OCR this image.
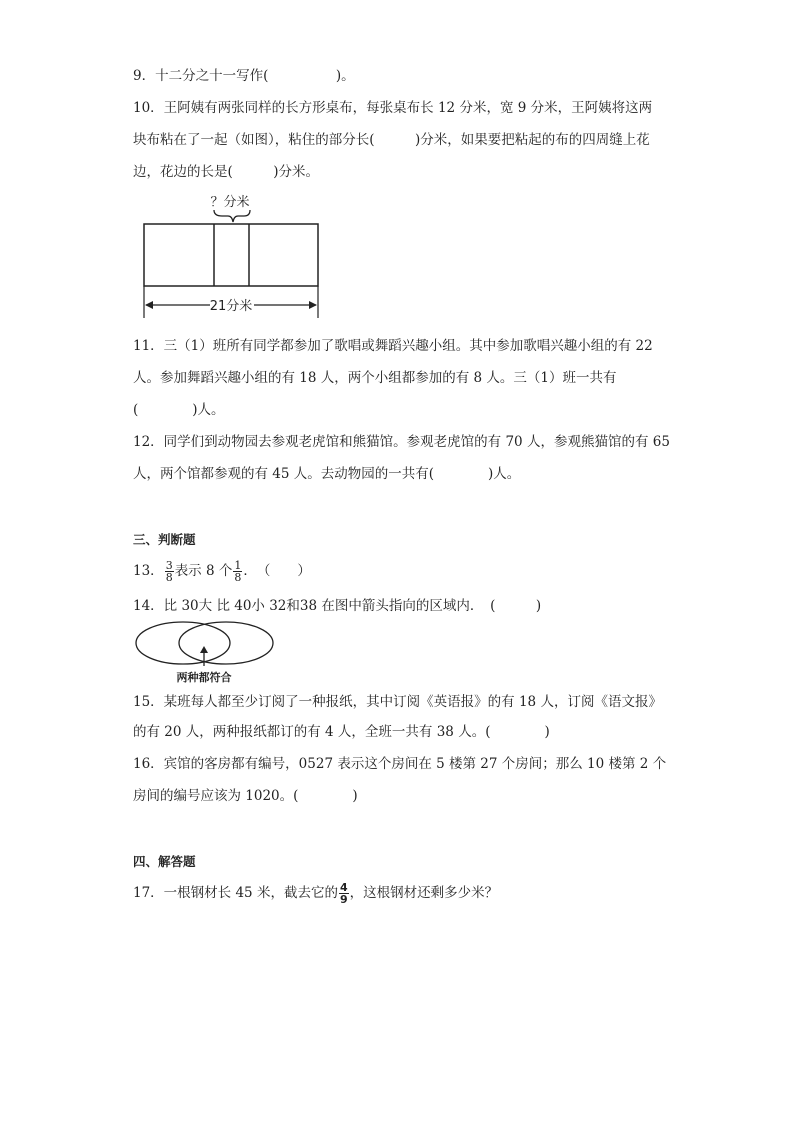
9．十二分之十一写作(　　　　　)。
10．王阿姨有两张同样的长方形桌布，每张桌布长 12 分米，宽 9 分米，王阿姨将这两
块布粘在了一起（如图），粘住的部分长(　　　)分米，如果要把粘起的布的四周缝上花
边，花边的长是(　　　)分米。
？分米
21分米
11．三（1）班所有同学都参加了歌唱或舞蹈兴趣小组。其中参加歌唱兴趣小组的有 22
人。参加舞蹈兴趣小组的有 18 人，两个小组都参加的有 8 人。三（1）班一共有
(　　　　)人。
12．同学们到动物园去参观老虎馆和熊猫馆。参观老虎馆的有 70 人，参观熊猫馆的有 65
人，两个馆都参观的有 45 人。去动物园的一共有(　　　　)人。
三、判断题
13． $\frac{3}{8}$ 表示 8 个 $\frac{1}{8}$ ．　（　　）
14．比 30大 比 40小 32和38 在图中箭头指向的区域内．　(　　　)
两种都符合
15．某班每人都至少订阅了一种报纸，其中订阅《英语报》的有 18 人，订阅《语文报》
的有 20 人，两种报纸都订的有 4 人，全班一共有 38 人。(　　　　)
16．宾馆的客房都有编号，0527 表示这个房间在 5 楼第 27 个房间；那么 10 楼第 2 个
房间的编号应该为 1020。(　　　　)
四、解答题
17．一根钢材长 45 米，截去它的 $\frac{4}{9}$ ，这根钢材还剩多少米？
